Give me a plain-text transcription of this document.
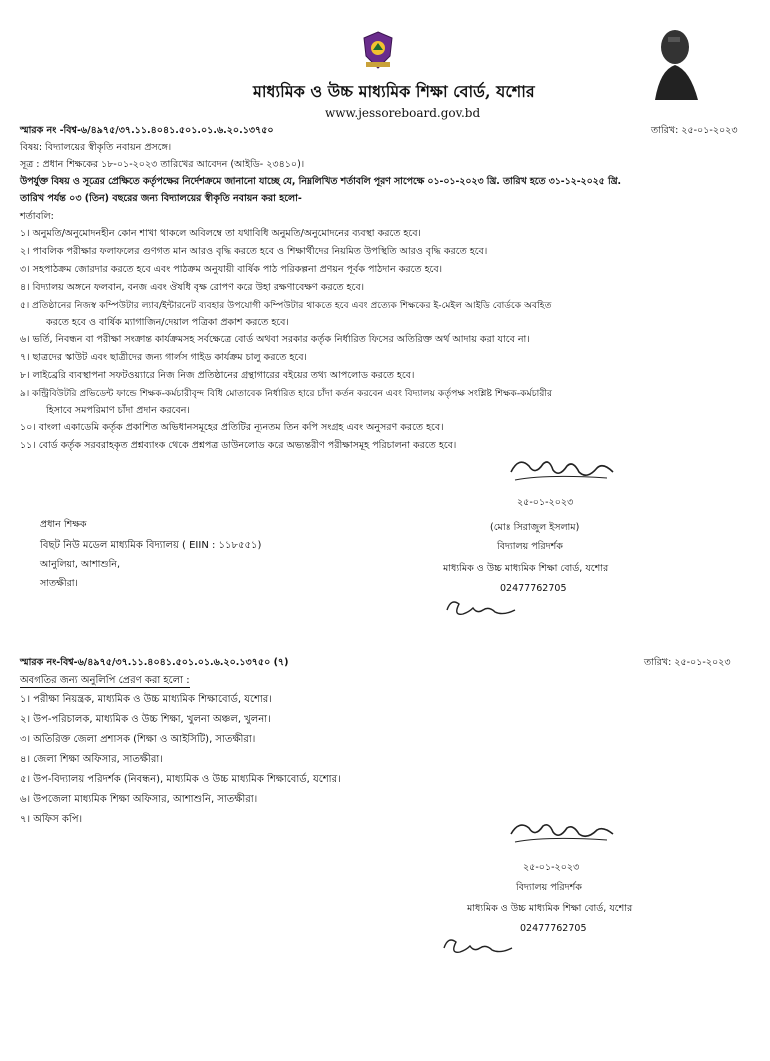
মাধ্যমিক ও উচ্চ মাধ্যমিক শিক্ষা বোর্ড, যশোর
www.jessoreboard.gov.bd
স্মারক নং -বিশ্ব-৬/৪৯৭৫/৩৭.১১.৪০৪১.৫০১.০১.৬.২০.১৩৭৫০	তারিখ: ২৫-০১-২০২৩
বিষয়: বিদ্যালয়ের স্বীকৃতি নবায়ন প্রসঙ্গে।
সূত্র : প্রধান শিক্ষকের ১৮-০১-২০২৩ তারিখের আবেদন (আইডি- ২৩৪১০)।
উপর্যুক্ত বিষয় ও সূত্রের প্রেক্ষিতে কর্তৃপক্ষের নির্দেশক্রমে জানানো যাচ্ছে যে, নিম্নলিখিত শর্তাবলি পূরণ সাপেক্ষে ০১-০১-২০২৩ খ্রি. তারিখ হতে ৩১-১২-২০২৫ খ্রি.
তারিখ পর্যন্ত ০৩ (তিন) বছরের জন্য বিদ্যালয়ের স্বীকৃতি নবায়ন করা হলো-
শর্তাবলি:
১। অনুমতি/অনুমোদনহীন কোন শাখা থাকলে অবিলম্বে তা যথাবিধি অনুমতি/অনুমোদনের ব্যবস্থা করতে হবে।
২। পাবলিক পরীক্ষার ফলাফলের গুণগত মান আরও বৃদ্ধি করতে হবে ও শিক্ষার্থীদের নিয়মিত উপস্থিতি আরও বৃদ্ধি করতে হবে।
৩। সহপাঠক্রম জোরদার করতে হবে এবং পাঠক্রম অনুযায়ী বার্ষিক পাঠ পরিকল্পনা প্রণয়ন পূর্বক পাঠদান করতে হবে।
৪। বিদ্যালয় অঙ্গনে ফলবান, বনজ এবং ঔষধি বৃক্ষ রোপণ করে উহা রক্ষণাবেক্ষণ করতে হবে।
৫। প্রতিষ্ঠানের নিজস্ব কম্পিউটার ল্যাব/ইন্টারনেট ব্যবহার উপযোগী কম্পিউটার থাকতে হবে এবং প্রত্যেক শিক্ষকের ই-মেইল আইডি বোর্ডকে অবহিত
করতে হবে ও বার্ষিক ম্যাগাজিন/দেয়াল পত্রিকা প্রকাশ করতে হবে।
৬। ভর্তি, নিবন্ধন বা পরীক্ষা সংক্রান্ত কার্যক্রমসহ সর্বক্ষেত্রে বোর্ড অথবা সরকার কর্তৃক নির্ধারিত ফিসের অতিরিক্ত অর্থ আদায় করা যাবে না।
৭। ছাত্রদের স্কাউট এবং ছাত্রীদের জন্য গার্লস গাইড কার্যক্রম চালু করতে হবে।
৮। লাইব্রেরি ব্যবস্থাপনা সফটওয়্যারে নিজ নিজ প্রতিষ্ঠানের গ্রন্থাগারের বইয়ের তথ্য আপলোড করতে হবে।
৯। কন্ট্রিবিউটরি প্রভিডেন্ট ফান্ডে শিক্ষক-কর্মচারীবৃন্দ বিধি মোতাবেক নির্ধারিত হারে চাঁদা কর্তন করবেন এবং বিদ্যালয় কর্তৃপক্ষ সংশ্লিষ্ট শিক্ষক-কর্মচারীর
হিসাবে সমপরিমাণ চাঁদা প্রদান করবেন।
১০। বাংলা একাডেমি কর্তৃক প্রকাশিত অভিধানসমূহের প্রতিটির ন্যূনতম তিন কপি সংগ্রহ এবং অনুসরণ করতে হবে।
১১। বোর্ড কর্তৃক সরবরাহকৃত প্রশ্নব্যাংক থেকে প্রশ্নপত্র ডাউনলোড করে অভ্যন্তরীণ পরীক্ষাসমূহ পরিচালনা করতে হবে।
২৫-০১-২০২৩
(মোঃ সিরাজুল ইসলাম)
বিদ্যালয় পরিদর্শক
মাধ্যমিক ও উচ্চ মাধ্যমিক শিক্ষা বোর্ড, যশোর
02477762705
প্রধান শিক্ষক
বিছট নিউ মডেল মাধ্যমিক বিদ্যালয় ( EIIN : ১১৮৫৫১)
আনুলিয়া, আশাশুনি,
সাতক্ষীরা।
স্মারক নং-বিশ্ব-৬/৪৯৭৫/৩৭.১১.৪০৪১.৫০১.০১.৬.২০.১৩৭৫০ (৭)	তারিখ: ২৫-০১-২০২৩
অবগতির জন্য অনুলিপি প্রেরণ করা হলো :
১। পরীক্ষা নিয়ন্ত্রক, মাধ্যমিক ও উচ্চ মাধ্যমিক শিক্ষাবোর্ড, যশোর।
২। উপ-পরিচালক, মাধ্যমিক ও উচ্চ শিক্ষা, খুলনা অঞ্চল, খুলনা।
৩। অতিরিক্ত জেলা প্রশাসক (শিক্ষা ও আইসিটি), সাতক্ষীরা।
৪। জেলা শিক্ষা অফিসার, সাতক্ষীরা।
৫। উপ-বিদ্যালয় পরিদর্শক (নিবন্ধন), মাধ্যমিক ও উচ্চ মাধ্যমিক শিক্ষাবোর্ড, যশোর।
৬। উপজেলা মাধ্যমিক শিক্ষা অফিসার, আশাশুনি, সাতক্ষীরা।
৭। অফিস কপি।
২৫-০১-২০২৩
বিদ্যালয় পরিদর্শক
মাধ্যমিক ও উচ্চ মাধ্যমিক শিক্ষা বোর্ড, যশোর
02477762705
